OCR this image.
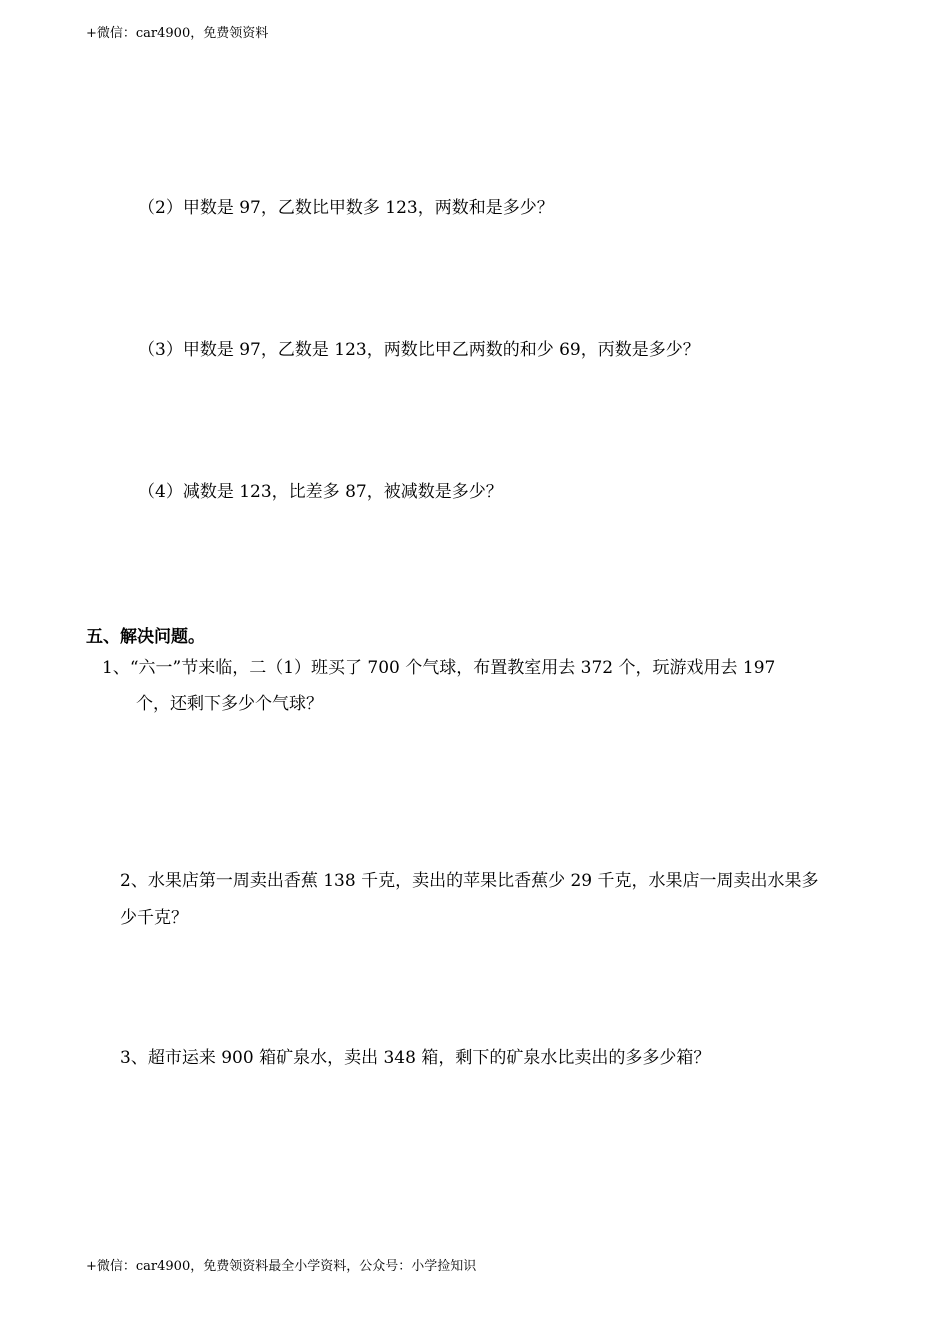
+微信：car4900，免费领资料
（2）甲数是 97，乙数比甲数多 123，两数和是多少？
（3）甲数是 97，乙数是 123，两数比甲乙两数的和少 69，丙数是多少？
（4）减数是 123，比差多 87，被减数是多少？
五、解决问题。
1、“六一”节来临，二（1）班买了 700 个气球，布置教室用去 372 个，玩游戏用去 197
个，还剩下多少个气球？
2、水果店第一周卖出香蕉 138 千克，卖出的苹果比香蕉少 29 千克，水果店一周卖出水果多
少千克？
3、超市运来 900 箱矿泉水，卖出 348 箱，剩下的矿泉水比卖出的多多少箱？
+微信：car4900，免费领资料最全小学资料，公众号：小学捡知识
